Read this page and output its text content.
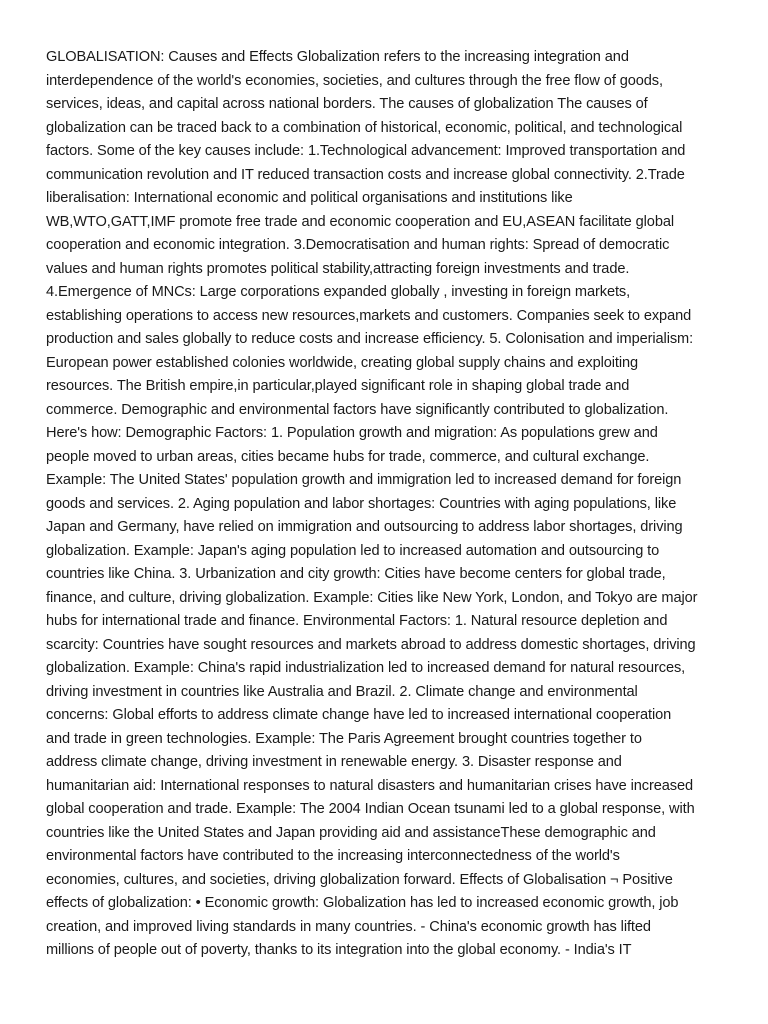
GLOBALISATION: Causes and Effects Globalization refers to the increasing integration and
interdependence of the world's economies, societies, and cultures through the free flow of goods,
services, ideas, and capital across national borders. The causes of globalization The causes of
globalization can be traced back to a combination of historical, economic, political, and technological
factors. Some of the key causes include: 1.Technological advancement: Improved transportation and
communication revolution and IT reduced transaction costs and increase global connectivity. 2.Trade
liberalisation: International economic and political organisations and institutions like
WB,WTO,GATT,IMF promote free trade and economic cooperation and EU,ASEAN facilitate global
cooperation and economic integration. 3.Democratisation and human rights: Spread of democratic
values and human rights promotes political stability,attracting foreign investments and trade.
4.Emergence of MNCs: Large corporations expanded globally , investing in foreign markets,
establishing operations to access new resources,markets and customers. Companies seek to expand
production and sales globally to reduce costs and increase efficiency. 5. Colonisation and imperialism:
European power established colonies worldwide, creating global supply chains and exploiting
resources. The British empire,in particular,played significant role in shaping global trade and
commerce. Demographic and environmental factors have significantly contributed to globalization.
Here's how: Demographic Factors: 1. Population growth and migration: As populations grew and
people moved to urban areas, cities became hubs for trade, commerce, and cultural exchange.
Example: The United States' population growth and immigration led to increased demand for foreign
goods and services. 2. Aging population and labor shortages: Countries with aging populations, like
Japan and Germany, have relied on immigration and outsourcing to address labor shortages, driving
globalization. Example: Japan's aging population led to increased automation and outsourcing to
countries like China. 3. Urbanization and city growth: Cities have become centers for global trade,
finance, and culture, driving globalization. Example: Cities like New York, London, and Tokyo are major
hubs for international trade and finance. Environmental Factors: 1. Natural resource depletion and
scarcity: Countries have sought resources and markets abroad to address domestic shortages, driving
globalization. Example: China's rapid industrialization led to increased demand for natural resources,
driving investment in countries like Australia and Brazil. 2. Climate change and environmental
concerns: Global efforts to address climate change have led to increased international cooperation
and trade in green technologies. Example: The Paris Agreement brought countries together to
address climate change, driving investment in renewable energy. 3. Disaster response and
humanitarian aid: International responses to natural disasters and humanitarian crises have increased
global cooperation and trade. Example: The 2004 Indian Ocean tsunami led to a global response, with
countries like the United States and Japan providing aid and assistanceThese demographic and
environmental factors have contributed to the increasing interconnectedness of the world's
economies, cultures, and societies, driving globalization forward. Effects of Globalisation ¬ Positive
effects of globalization: • Economic growth: Globalization has led to increased economic growth, job
creation, and improved living standards in many countries. - China's economic growth has lifted
millions of people out of poverty, thanks to its integration into the global economy. - India's IT
